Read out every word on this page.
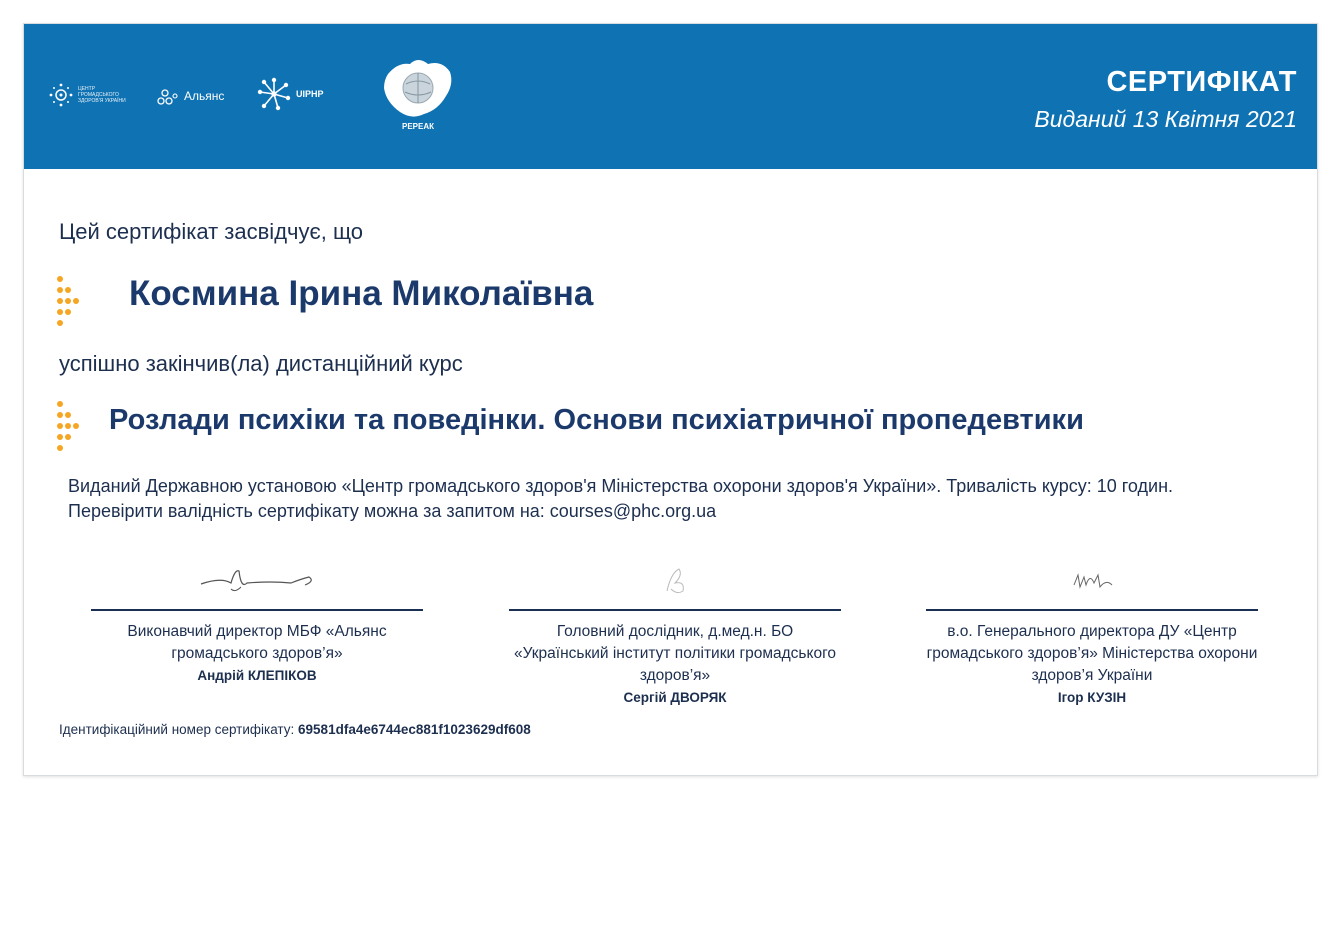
ЦЕНТР ГРОМАДСЬКОГО ЗДОРОВ'Я УКРАЇНИ	Альянс	UIPHP
РЕРЕАК
СЕРТИФІКАТ
Виданий 13 Квітня 2021
Цей сертифікат засвідчує, що
Космина Ірина Миколаївна
успішно закінчив(ла) дистанційний курс
Розлади психіки та поведінки. Основи психіатричної пропедевтики
Виданий Державною установою «Центр громадського здоров'я Міністерства охорони здоров'я України». Тривалість курсу: 10 годин. Перевірити валідність сертифікату можна за запитом на: courses@phc.org.ua
Виконавчий директор МБФ «Альянс громадського здоров’я»
Андрій КЛЕПІКОВ
Головний дослідник, д.мед.н. БО «Український інститут політики громадського здоров’я»
Сергій ДВОРЯК
в.о. Генерального директора ДУ «Центр громадського здоров’я» Міністерства охорони здоров’я України
Ігор КУЗІН
Ідентифікаційний номер сертифікату: 69581dfa4e6744ec881f1023629df608
